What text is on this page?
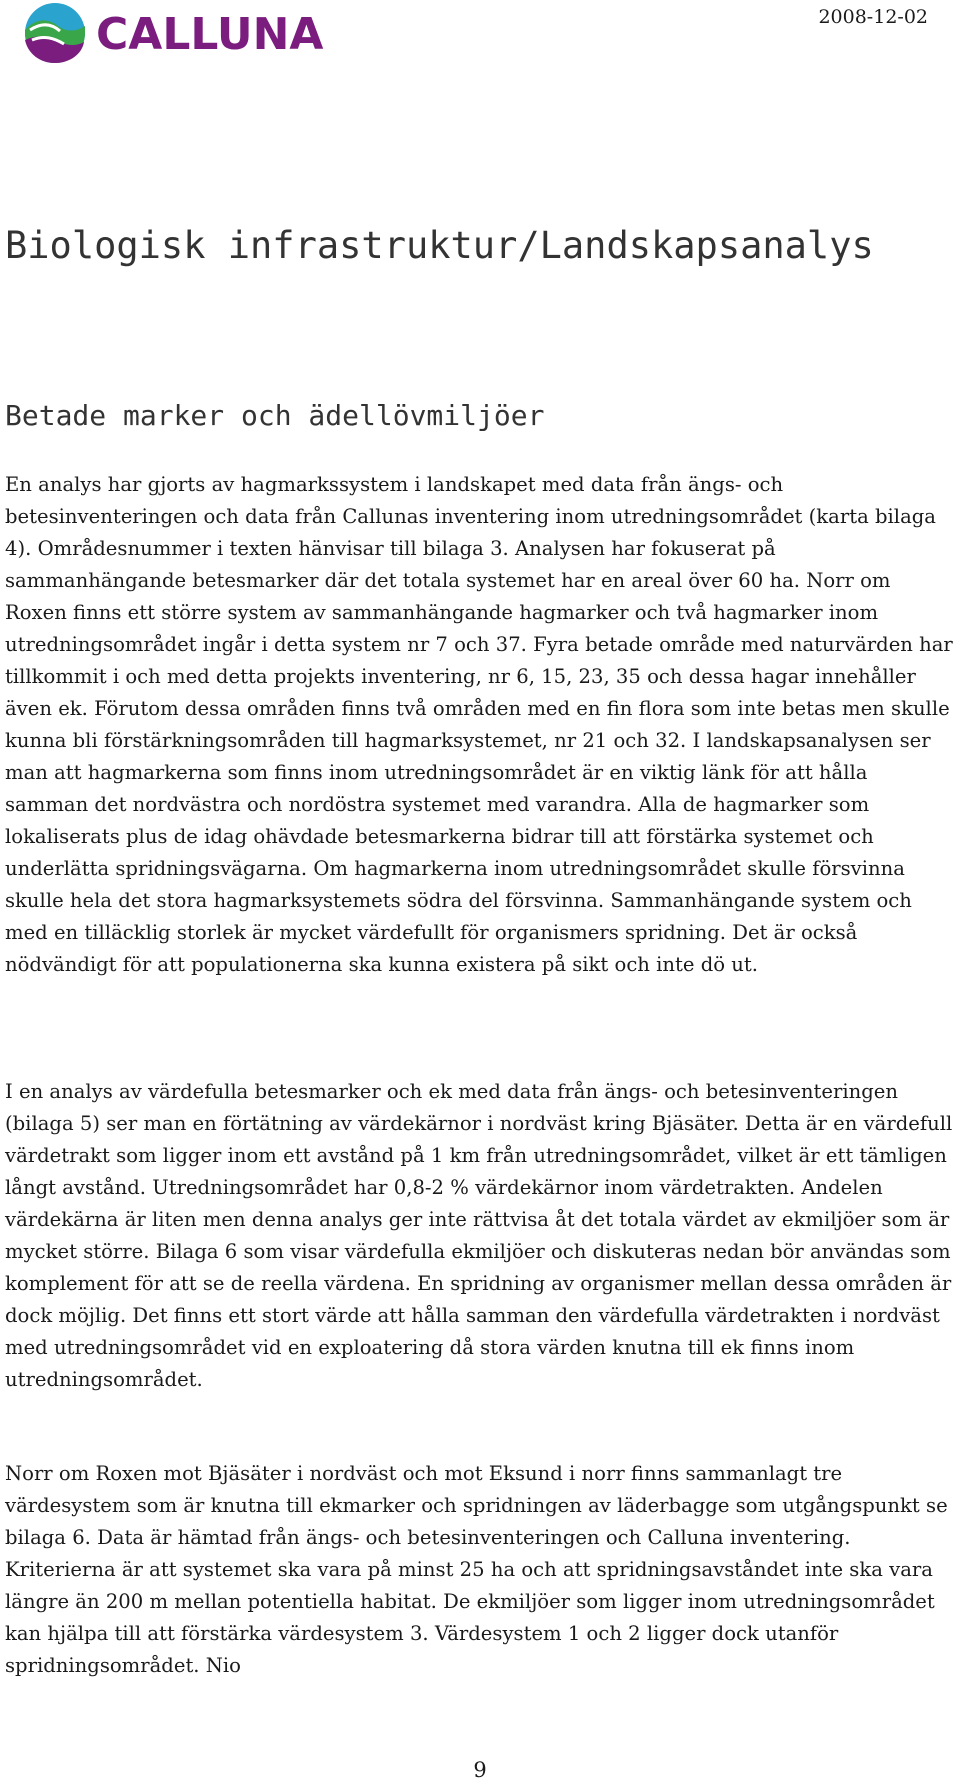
CALLUNA	2008-12-02
Biologisk infrastruktur/Landskapsanalys
Betade marker och ädellövmiljöer

En analys har gjorts av hagmarkssystem i landskapet med data från ängs- och betesinventeringen och data från Callunas inventering inom utredningsområdet (karta bilaga 4). Områdesnummer i texten hänvisar till bilaga 3. Analysen har fokuserat på sammanhängande betesmarker där det totala systemet har en areal över 60 ha. Norr om Roxen finns ett större system av sammanhängande hagmarker och två hagmarker inom utredningsområdet ingår i detta system nr 7 och 37. Fyra betade område med naturvärden har tillkommit i och med detta projekts inventering, nr 6, 15, 23, 35 och dessa hagar innehåller även ek. Förutom dessa områden finns två områden med en fin flora som inte betas men skulle kunna bli förstärkningsområden till hagmarksystemet, nr 21 och 32. I landskapsanalysen ser man att hagmarkerna som finns inom utredningsområdet är en viktig länk för att hålla samman det nordvästra och nordöstra systemet med varandra. Alla de hagmarker som lokaliserats plus de idag ohävdade betesmarkerna bidrar till att förstärka systemet och underlätta spridningsvägarna. Om hagmarkerna inom utredningsområdet skulle försvinna skulle hela det stora hagmarksystemets södra del försvinna. Sammanhängande system och med en tilläcklig storlek är mycket värdefullt för organismers spridning. Det är också nödvändigt för att populationerna ska kunna existera på sikt och inte dö ut.

I en analys av värdefulla betesmarker och ek med data från ängs- och betesinventeringen (bilaga 5) ser man en förtätning av värdekärnor i nordväst kring Bjäsäter. Detta är en värdefull värdetrakt som ligger inom ett avstånd på 1 km från utredningsområdet, vilket är ett tämligen långt avstånd. Utredningsområdet har 0,8-2 % värdekärnor inom värdetrakten. Andelen värdekärna är liten men denna analys ger inte rättvisa åt det totala värdet av ekmiljöer som är mycket större. Bilaga 6 som visar värdefulla ekmiljöer och diskuteras nedan bör användas som komplement för att se de reella värdena. En spridning av organismer mellan dessa områden är dock möjlig. Det finns ett stort värde att hålla samman den värdefulla värdetrakten i nordväst med utredningsområdet vid en exploatering då stora värden knutna till ek finns inom utredningsområdet.

Norr om Roxen mot Bjäsäter i nordväst och mot Eksund i norr finns sammanlagt tre värdesystem som är knutna till ekmarker och spridningen av läderbagge som utgångspunkt se bilaga 6. Data är hämtad från ängs- och betesinventeringen och Calluna inventering. Kriterierna är att systemet ska vara på minst 25 ha och att spridningsavståndet inte ska vara längre än 200 m mellan potentiella habitat. De ekmiljöer som ligger inom utredningsområdet kan hjälpa till att förstärka värdesystem 3. Värdesystem 1 och 2 ligger dock utanför spridningsområdet. Nio

9
